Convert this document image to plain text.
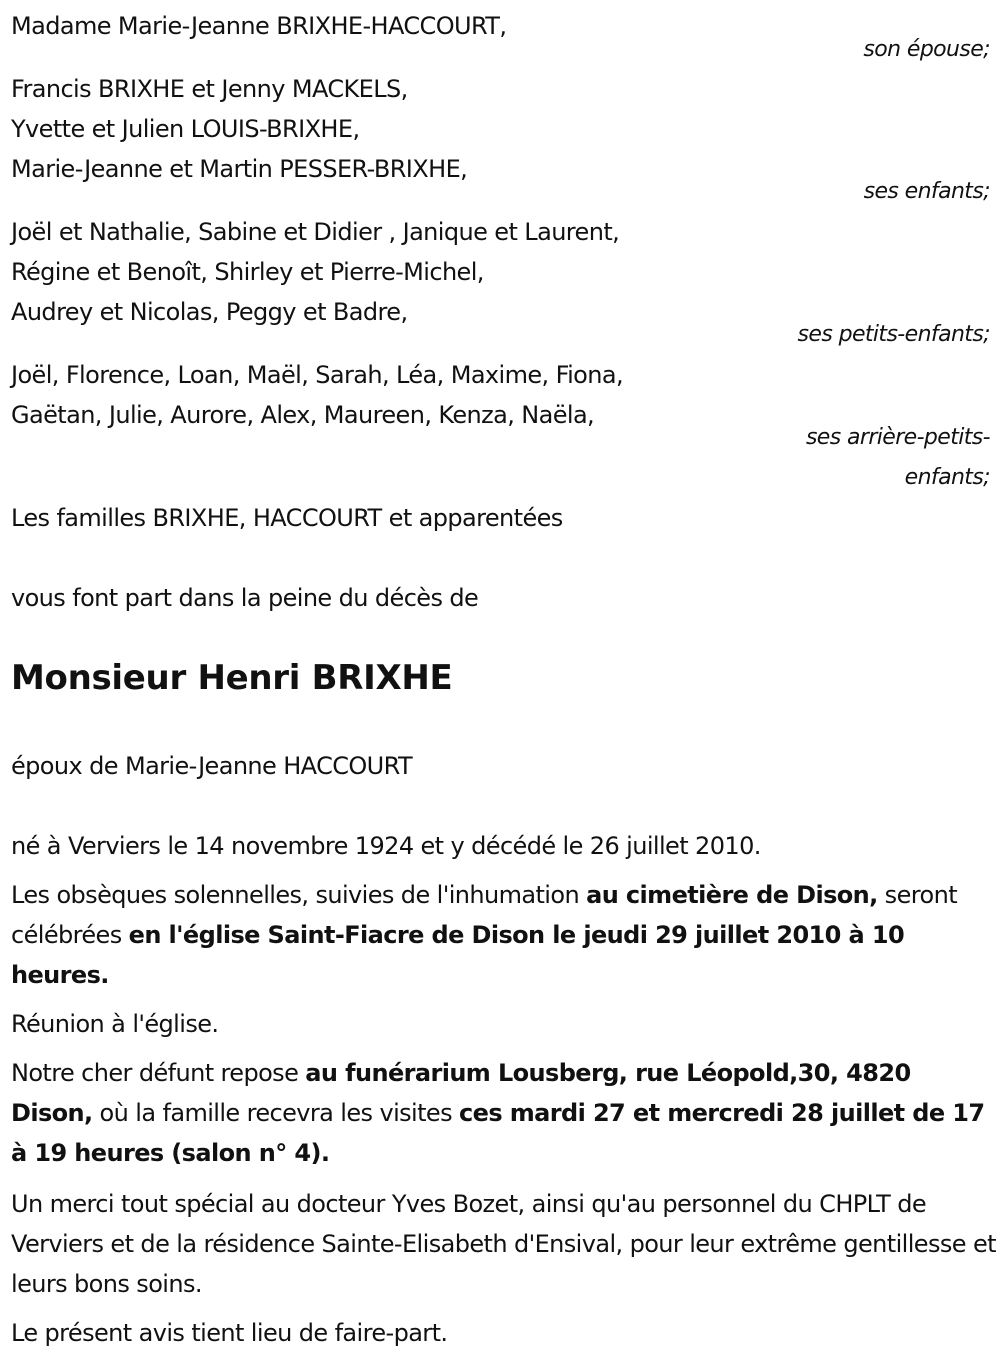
Madame Marie-Jeanne BRIXHE-HACCOURT,
son épouse;
Francis BRIXHE et Jenny MACKELS,
Yvette et Julien LOUIS-BRIXHE,
Marie-Jeanne et Martin PESSER-BRIXHE,
ses enfants;
Joël et Nathalie, Sabine et Didier , Janique et Laurent,
Régine et Benoît, Shirley et Pierre-Michel,
Audrey et Nicolas, Peggy et Badre,
ses petits-enfants;
Joël, Florence, Loan, Maël, Sarah, Léa, Maxime, Fiona,
Gaëtan, Julie, Aurore, Alex, Maureen, Kenza, Naëla,
ses arrière-petits-
enfants;
Les familles BRIXHE, HACCOURT et apparentées
vous font part dans la peine du décès de
Monsieur Henri BRIXHE
époux de Marie-Jeanne HACCOURT
né à Verviers le 14 novembre 1924 et y décédé le 26 juillet 2010.
Les obsèques solennelles, suivies de l'inhumation au cimetière de Dison, seront célébrées en l'église Saint-Fiacre de Dison le jeudi 29 juillet 2010 à 10 heures.
Réunion à l'église.
Notre cher défunt repose au funérarium Lousberg, rue Léopold,30, 4820 Dison, où la famille recevra les visites ces mardi 27 et mercredi 28 juillet de 17 à 19 heures (salon n° 4).
Un merci tout spécial au docteur Yves Bozet, ainsi qu'au personnel du CHPLT de Verviers et de la résidence Sainte-Elisabeth d'Ensival, pour leur extrême gentillesse et leurs bons soins.
Le présent avis tient lieu de faire-part.
